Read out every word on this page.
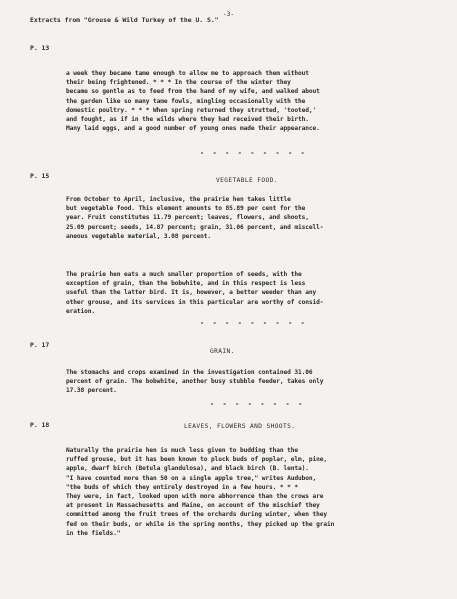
-3-
Extracts from "Grouse & Wild Turkey of the U. S."
P. 13
a week they became tame enough to allow me to approach them without
their being frightened. * * * In the course of the winter they
became so gentle as to feed from the hand of my wife, and walked about
the garden like so many tame fowls, mingling occasionally with the
domestic poultry. * * * When spring returned they strutted, 'tooted,'
and fought, as if in the wilds where they had received their birth.
Many laid eggs, and a good number of young ones made their appearance.
- - - - - - - - -
P. 15
VEGETABLE FOOD.
From October to April, inclusive, the prairie hen takes little
but vegetable food. This element amounts to 85.89 per cent for the
year. Fruit constitutes 11.79 percent; leaves, flowers, and shoots,
25.09 percent; seeds, 14.87 percent; grain, 31.06 percent, and miscell-
aneous vegetable material, 3.08 percent.
The prairie hen eats a much smaller proportion of seeds, with the
exception of grain, than the bobwhite, and in this respect is less
useful than the latter bird. It is, however, a better weeder than any
other grouse, and its services in this particular are worthy of consid-
eration.
- - - - - - - - -
P. 17
GRAIN.
The stomachs and crops examined in the investigation contained 31.06
percent of grain. The bobwhite, another busy stubble feeder, takes only
17.38 percent.
- - - - - - - -
P. 18	LEAVES, FLOWERS AND SHOOTS.
Naturally the prairie hen is much less given to budding than the
ruffed grouse, but it has been known to pluck buds of poplar, elm, pine,
apple, dwarf birch (Betula glandulosa), and black birch (B. lenta).
"I have counted more than 50 on a single apple tree," writes Audubon,
"the buds of which they entirely destroyed in a few hours. * * *
They were, in fact, looked upon with more abhorrence than the crows are
at present in Massachusetts and Maine, on account of the mischief they
committed among the fruit trees of the orchards during winter, when they
fed on their buds, or while in the spring months, they picked up the grain
in the fields."
